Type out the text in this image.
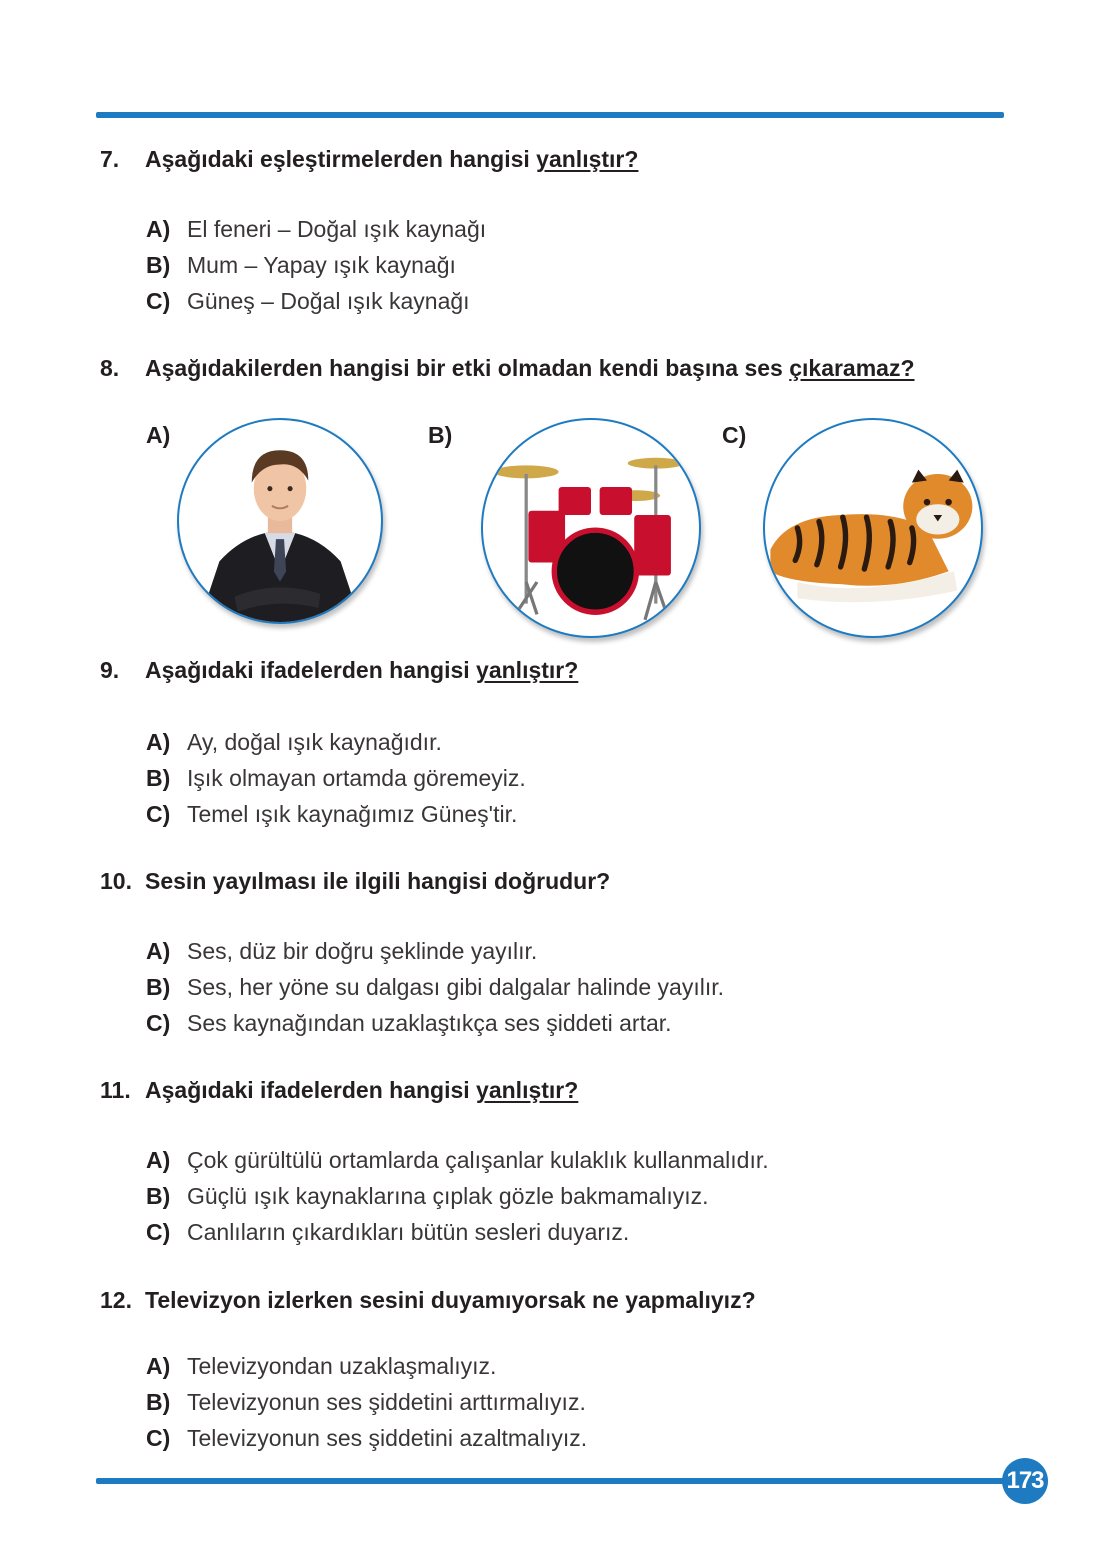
7. Aşağıdaki eşleştirmelerden hangisi yanlıştır?
A) El feneri – Doğal ışık kaynağı
B) Mum – Yapay ışık kaynağı
C) Güneş – Doğal ışık kaynağı
8. Aşağıdakilerden hangisi bir etki olmadan kendi başına ses çıkaramaz?
A)	B)	C)
9. Aşağıdaki ifadelerden hangisi yanlıştır?
A) Ay, doğal ışık kaynağıdır.
B) Işık olmayan ortamda göremeyiz.
C) Temel ışık kaynağımız Güneş'tir.
10. Sesin yayılması ile ilgili hangisi doğrudur?
A) Ses, düz bir doğru şeklinde yayılır.
B) Ses, her yöne su dalgası gibi dalgalar halinde yayılır.
C) Ses kaynağından uzaklaştıkça ses şiddeti artar.
11. Aşağıdaki ifadelerden hangisi yanlıştır?
A) Çok gürültülü ortamlarda çalışanlar kulaklık kullanmalıdır.
B) Güçlü ışık kaynaklarına çıplak gözle bakmamalıyız.
C) Canlıların çıkardıkları bütün sesleri duyarız.
12. Televizyon izlerken sesini duyamıyorsak ne yapmalıyız?
A) Televizyondan uzaklaşmalıyız.
B) Televizyonun ses şiddetini arttırmalıyız.
C) Televizyonun ses şiddetini azaltmalıyız.
173
